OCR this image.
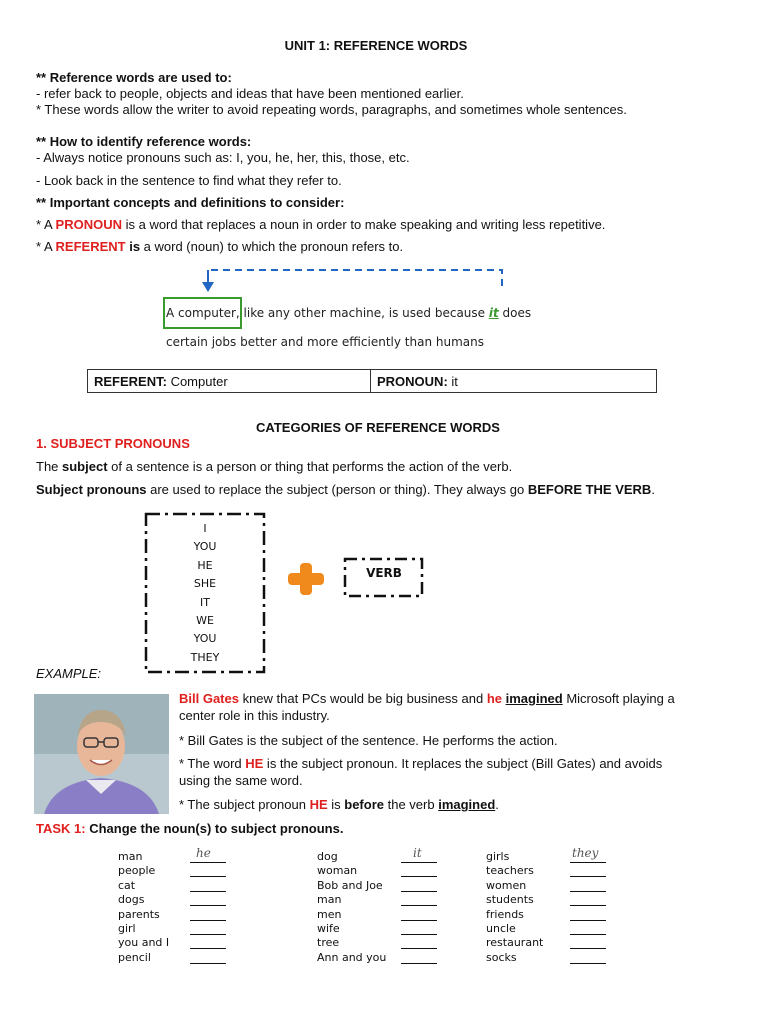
UNIT 1: REFERENCE WORDS
** Reference words are used to:
- refer back to people, objects and ideas that have been mentioned earlier.
* These words allow the writer to avoid repeating words, paragraphs, and sometimes whole sentences.
** How to identify reference words:
- Always notice pronouns such as: I, you, he, her, this, those, etc.
- Look back in the sentence to find what they refer to.
** Important concepts and definitions to consider:
* A PRONOUN is a word that replaces a noun in order to make speaking and writing less repetitive.
* A REFERENT is a word (noun) to which the pronoun refers to.
A computer, like any other machine, is used because it does
certain jobs better and more efficiently than humans
REFERENT: Computer	PRONOUN: it
CATEGORIES OF REFERENCE WORDS
1. SUBJECT PRONOUNS
The subject of a sentence is a person or thing that performs the action of the verb.
Subject pronouns are used to replace the subject (person or thing). They always go BEFORE THE VERB.
I
YOU
HE
SHE
IT
WE
YOU
THEY
VERB
EXAMPLE:
Bill Gates knew that PCs would be big business and he imagined Microsoft playing a
center role in this industry.
* Bill Gates is the subject of the sentence. He performs the action.
* The word HE is the subject pronoun. It replaces the subject (Bill Gates) and avoids
using the same word.
* The subject pronoun HE is before the verb imagined.
TASK 1: Change the noun(s) to subject pronouns.
man	he
people
cat
dogs
parents
girl
you and I
pencil
dog	it
woman
Bob and Joe
man
men
wife
tree
Ann and you
girls	they
teachers
women
students
friends
uncle
restaurant
socks
